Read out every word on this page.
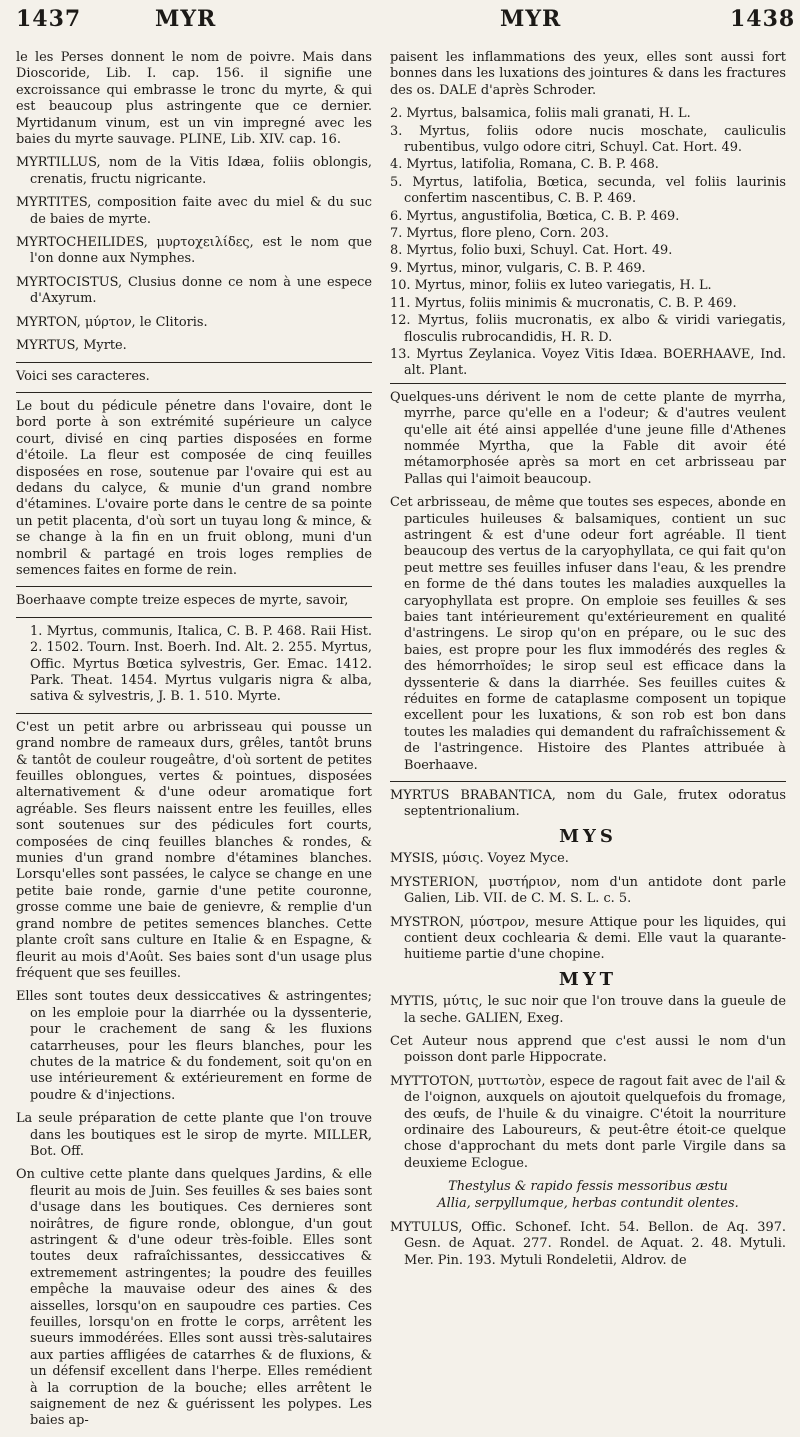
1437	MYR	MYR	1438

le les Perses donnent le nom de poivre. Mais dans Dioscoride, Lib. I. cap. 156. il signifie une excroissance qui embrasse le tronc du myrte, & qui est beaucoup plus astringente que ce dernier. Myrtidanum vinum, est un vin impregné avec les baies du myrte sauvage. PLINE, Lib. XIV. cap. 16.

MYRTILLUS, nom de la Vitis Idæa, foliis oblongis, crenatis, fructu nigricante.

MYRTITES, composition faite avec du miel & du suc de baies de myrte.

MYRTOCHEILIDES, μυρτοχειλίδες, est le nom que l'on donne aux Nymphes.

MYRTOCISTUS, Clusius donne ce nom à une espece d'Axyrum.

MYRTON, μύρτον, le Clitoris.

MYRTUS, Myrte.

Voici ses caracteres.

Le bout du pédicule pénetre dans l'ovaire, dont le bord porte à son extrémité supérieure un calyce court, divisé en cinq parties disposées en forme d'étoile. La fleur est composée de cinq feuilles disposées en rose, soutenue par l'ovaire qui est au dedans du calyce, & munie d'un grand nombre d'étamines. L'ovaire porte dans le centre de sa pointe un petit placenta, d'où sort un tuyau long & mince, & se change à la fin en un fruit oblong, muni d'un nombril & partagé en trois loges remplies de semences faites en forme de rein.

Boerhaave compte treize especes de myrte, savoir,

1. Myrtus, communis, Italica, C. B. P. 468. Raii Hist. 2. 1502. Tourn. Inst. Boerh. Ind. Alt. 2. 255. Myrtus, Offic. Myrtus Bœtica sylvestris, Ger. Emac. 1412. Park. Theat. 1454. Myrtus vulgaris nigra & alba, sativa & sylvestris, J. B. 1. 510. Myrte.

C'est un petit arbre ou arbrisseau qui pousse un grand nombre de rameaux durs, grêles, tantôt bruns & tantôt de couleur rougeâtre, d'où sortent de petites feuilles oblongues, vertes & pointues, disposées alternativement & d'une odeur aromatique fort agréable. Ses fleurs naissent entre les feuilles, elles sont soutenues sur des pédicules fort courts, composées de cinq feuilles blanches & rondes, & munies d'un grand nombre d'étamines blanches. Lorsqu'elles sont passées, le calyce se change en une petite baie ronde, garnie d'une petite couronne, grosse comme une baie de genievre, & remplie d'un grand nombre de petites semences blanches. Cette plante croît sans culture en Italie & en Espagne, & fleurit au mois d'Août. Ses baies sont d'un usage plus fréquent que ses feuilles.

Elles sont toutes deux dessiccatives & astringentes; on les emploie pour la diarrhée ou la dyssenterie, pour le crachement de sang & les fluxions catarrheuses, pour les fleurs blanches, pour les chutes de la matrice & du fondement, soit qu'on en use intérieurement & extérieurement en forme de poudre & d'injections.

La seule préparation de cette plante que l'on trouve dans les boutiques est le sirop de myrte. MILLER, Bot. Off.

On cultive cette plante dans quelques Jardins, & elle fleurit au mois de Juin. Ses feuilles & ses baies sont d'usage dans les boutiques. Ces dernieres sont noirâtres, de figure ronde, oblongue, d'un gout astringent & d'une odeur très-foible. Elles sont toutes deux rafraîchissantes, dessiccatives & extremement astringentes; la poudre des feuilles empêche la mauvaise odeur des aines & des aisselles, lorsqu'on en saupoudre ces parties. Ces feuilles, lorsqu'on en frotte le corps, arrêtent les sueurs immodérées. Elles sont aussi très-salutaires aux parties affligées de catarrhes & de fluxions, & un défensif excellent dans l'herpe. Elles remédient à la corruption de la bouche; elles arrêtent le saignement de nez & guérissent les polypes. Les baies ap-

paisent les inflammations des yeux, elles sont aussi fort bonnes dans les luxations des jointures & dans les fractures des os. DALE d'après Schroder.

2. Myrtus, balsamica, foliis mali granati, H. L.

3. Myrtus, foliis odore nucis moschate, cauliculis rubentibus, vulgo odore citri, Schuyl. Cat. Hort. 49.

4. Myrtus, latifolia, Romana, C. B. P. 468.

5. Myrtus, latifolia, Bœtica, secunda, vel foliis laurinis confertim nascentibus, C. B. P. 469.

6. Myrtus, angustifolia, Bœtica, C. B. P. 469.

7. Myrtus, flore pleno, Corn. 203.

8. Myrtus, folio buxi, Schuyl. Cat. Hort. 49.

9. Myrtus, minor, vulgaris, C. B. P. 469.

10. Myrtus, minor, foliis ex luteo variegatis, H. L.

11. Myrtus, foliis minimis & mucronatis, C. B. P. 469.

12. Myrtus, foliis mucronatis, ex albo & viridi variegatis, flosculis rubrocandidis, H. R. D.

13. Myrtus Zeylanica. Voyez Vitis Idæa. BOERHAAVE, Ind. alt. Plant.

Quelques-uns dérivent le nom de cette plante de myrrha, myrrhe, parce qu'elle en a l'odeur; & d'autres veulent qu'elle ait été ainsi appellée d'une jeune fille d'Athenes nommée Myrtha, que la Fable dit avoir été métamorphosée après sa mort en cet arbrisseau par Pallas qui l'aimoit beaucoup.

Cet arbrisseau, de même que toutes ses especes, abonde en particules huileuses & balsamiques, contient un suc astringent & est d'une odeur fort agréable. Il tient beaucoup des vertus de la caryophyllata, ce qui fait qu'on peut mettre ses feuilles infuser dans l'eau, & les prendre en forme de thé dans toutes les maladies auxquelles la caryophyllata est propre. On emploie ses feuilles & ses baies tant intérieurement qu'extérieurement en qualité d'astringens. Le sirop qu'on en prépare, ou le suc des baies, est propre pour les flux immodérés des regles & des hémorrhoïdes; le sirop seul est efficace dans la dyssenterie & dans la diarrhée. Ses feuilles cuites & réduites en forme de cataplasme composent un topique excellent pour les luxations, & son rob est bon dans toutes les maladies qui demandent du rafraîchissement & de l'astringence. Histoire des Plantes attribuée à Boerhaave.

MYRTUS BRABANTICA, nom du Gale, frutex odoratus septentrionalium.

MYS

MYSIS, μύσις. Voyez Myce.

MYSTERION, μυστήριον, nom d'un antidote dont parle Galien, Lib. VII. de C. M. S. L. c. 5.

MYSTRON, μύστρον, mesure Attique pour les liquides, qui contient deux cochlearia & demi. Elle vaut la quarante-huitieme partie d'une chopine.

MYT

MYTIS, μύτις, le suc noir que l'on trouve dans la gueule de la seche. GALIEN, Exeg.

Cet Auteur nous apprend que c'est aussi le nom d'un poisson dont parle Hippocrate.

MYTTOTON, μυττωτὸν, espece de ragout fait avec de l'ail & de l'oignon, auxquels on ajoutoit quelquefois du fromage, des œufs, de l'huile & du vinaigre. C'étoit la nourriture ordinaire des Laboureurs, & peut-être étoit-ce quelque chose d'approchant du mets dont parle Virgile dans sa deuxieme Eclogue.

Thestylus & rapido fessis messoribus æstu
Allia, serpyllumque, herbas contundit olentes.

MYTULUS, Offic. Schonef. Icht. 54. Bellon. de Aq. 397. Gesn. de Aquat. 277. Rondel. de Aquat. 2. 48. Mytuli. Mer. Pin. 193. Mytuli Rondeletii, Aldrov. de
